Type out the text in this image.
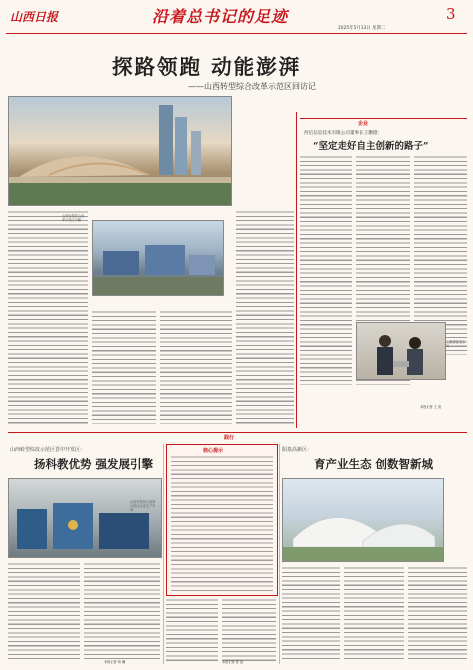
山西日报	沿着总书记的足迹	3
2025年5月13日 星期二
探路领跑 动能澎湃
——山西转型综合改革示范区回访记
山西转型综合改革示范区鸟瞰
企业
西信信息技术有限公司董事长王鹏德：
“坚定走好自主创新的路子”
王鹏德接受采访
本报记者 王 波
践行
山西转型综改示范区晋中开发区：
扬科教优势 强发展引擎
山西转型综合改革示范区企业生产车间
本报记者 杨 澜
核心提示
本报记者 张 晶
阳泉高新区：
育产业生态 创数智新城
